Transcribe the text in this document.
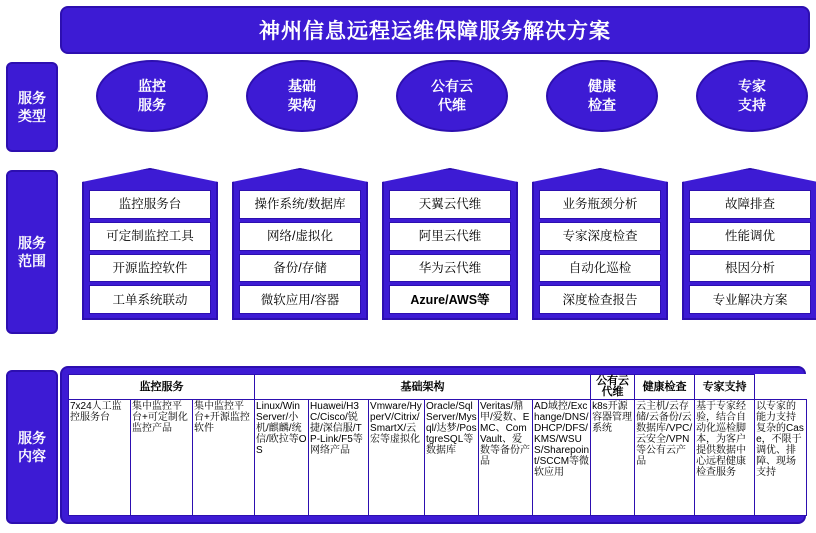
神州信息远程运维保障服务解决方案
服务
类型
服务
范围
服务
内容
监控
服务
基础
架构
公有云
代维
健康
检查
专家
支持
监控服务台
可定制监控工具
开源监控软件
工单系统联动
操作系统/数据库
网络/虚拟化
备份/存储
微软应用/容器
天翼云代维
阿里云代维
华为云代维
Azure/AWS等
业务瓶颈分析
专家深度检查
自动化巡检
深度检查报告
故障排查
性能调优
根因分析
专业解决方案
监控服务			基础架构						公有云代维	健康检查	专家支持	
7x24人工监控服务台	集中监控平台+可定制化监控产品	集中监控平台+开源监控软件	Linux/Win Server/小机/麒麟/统信/欧拉等OS	Huawei/H3C/Cisco/锐捷/深信服/TP-Link/F5等网络产品	Vmware/HyperV/Citrix/SmartX/云宏等虚拟化	Oracle/SqlServer/Mysql/达梦/PostgreSQL等数据库	Veritas/鼎甲/爱数、EMC、ComVault、爱数等备份产品	AD域控/Exchange/DNS/DHCP/DFS/KMS/WSUS/Sharepoint/SCCM等微软应用	k8s开源容器管理系统	云主机/云存储/云备份/云数据库/VPC/云安全/VPN等公有云产品	基于专家经验，结合自动化巡检脚本，为客户提供数据中心远程健康检查服务	以专家的能力支持复杂的Case，不限于调优、排障、现场支持
